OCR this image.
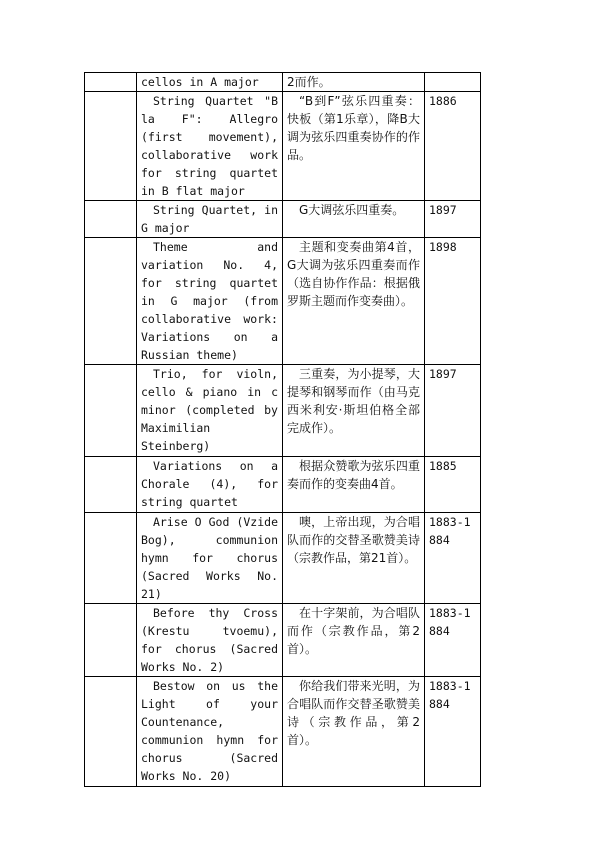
	cellos in A major	2而作。	

	String Quartet "B la F": Allegro (first movement), collaborative work for string quartet in B flat major	“B到F”弦乐四重奏：快板（第1乐章），降B大调为弦乐四重奏协作的作品。	1886

	String Quartet, in G major	G大调弦乐四重奏。	1897

	Theme and variation No. 4, for string quartet in G major (from collaborative work: Variations on a Russian theme)	主题和变奏曲第4首，G大调为弦乐四重奏而作（选自协作作品：根据俄罗斯主题而作变奏曲）。	1898

	Trio, for violn, cello & piano in c minor (completed by Maximilian Steinberg)	三重奏，为小提琴，大提琴和钢琴而作（由马克西米利安·斯坦伯格全部完成作）。	1897

	Variations on a Chorale (4), for string quartet	根据众赞歌为弦乐四重奏而作的变奏曲4首。	1885

	Arise O God (Vzide Bog), communion hymn for chorus (Sacred Works No. 21)	噢，上帝出现，为合唱队而作的交替圣歌赞美诗（宗教作品，第21首）。	1883-1884

	Before thy Cross (Krestu tvoemu), for chorus (Sacred Works No. 2)	在十字架前，为合唱队而作（宗教作品，第2首）。	1883-1884

	Bestow on us the Light of your Countenance, communion hymn for chorus (Sacred Works No. 20)	你给我们带来光明，为合唱队而作交替圣歌赞美诗（宗教作品，第2首）。	1883-1884
